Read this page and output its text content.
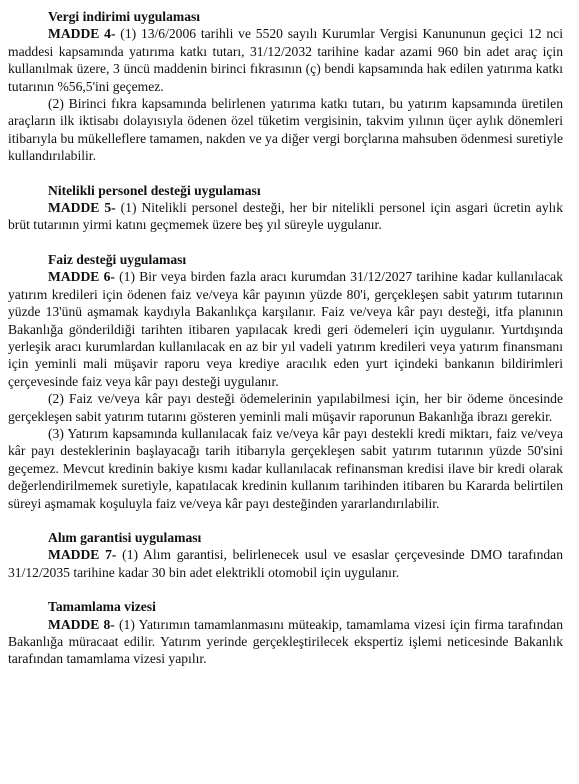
Vergi indirimi uygulaması

MADDE 4- (1) 13/6/2006 tarihli ve 5520 sayılı Kurumlar Vergisi Kanununun geçici 12 nci maddesi kapsamında yatırıma katkı tutarı, 31/12/2032 tarihine kadar azami 960 bin adet araç için kullanılmak üzere, 3 üncü maddenin birinci fıkrasının (ç) bendi kapsamında hak edilen yatırıma katkı tutarının %56,5'ini geçemez.

(2) Birinci fıkra kapsamında belirlenen yatırıma katkı tutarı, bu yatırım kapsamında üretilen araçların ilk iktisabı dolayısıyla ödenen özel tüketim vergisinin, takvim yılının üçer aylık dönemleri itibarıyla bu mükelleflere tamamen, nakden ve ya diğer vergi borçlarına mahsuben ödenmesi suretiyle kullandırılabilir.

Nitelikli personel desteği uygulaması

MADDE 5- (1) Nitelikli personel desteği, her bir nitelikli personel için asgari ücretin aylık brüt tutarının yirmi katını geçmemek üzere beş yıl süreyle uygulanır.

Faiz desteği uygulaması

MADDE 6- (1) Bir veya birden fazla aracı kurumdan 31/12/2027 tarihine kadar kullanılacak yatırım kredileri için ödenen faiz ve/veya kâr payının yüzde 80'i, gerçekleşen sabit yatırım tutarının yüzde 13'ünü aşmamak kaydıyla Bakanlıkça karşılanır. Faiz ve/veya kâr payı desteği, itfa planının Bakanlığa gönderildiği tarihten itibaren yapılacak kredi geri ödemeleri için uygulanır. Yurtdışında yerleşik aracı kurumlardan kullanılacak en az bir yıl vadeli yatırım kredileri veya yatırım finansmanı için yeminli mali müşavir raporu veya krediye aracılık eden yurt içindeki bankanın bildirimleri çerçevesinde faiz veya kâr payı desteği uygulanır.

(2) Faiz ve/veya kâr payı desteği ödemelerinin yapılabilmesi için, her bir ödeme öncesinde gerçekleşen sabit yatırım tutarını gösteren yeminli mali müşavir raporunun Bakanlığa ibrazı gerekir.

(3) Yatırım kapsamında kullanılacak faiz ve/veya kâr payı destekli kredi miktarı, faiz ve/veya kâr payı desteklerinin başlayacağı tarih itibarıyla gerçekleşen sabit yatırım tutarının yüzde 50'sini geçemez. Mevcut kredinin bakiye kısmı kadar kullanılacak refinansman kredisi ilave bir kredi olarak değerlendirilmemek suretiyle, kapatılacak kredinin kullanım tarihinden itibaren bu Kararda belirtilen süreyi aşmamak koşuluyla faiz ve/veya kâr payı desteğinden yararlandırılabilir.

Alım garantisi uygulaması

MADDE 7- (1) Alım garantisi, belirlenecek usul ve esaslar çerçevesinde DMO tarafından 31/12/2035 tarihine kadar 30 bin adet elektrikli otomobil için uygulanır.

Tamamlama vizesi

MADDE 8- (1) Yatırımın tamamlanmasını müteakip, tamamlama vizesi için firma tarafından Bakanlığa müracaat edilir. Yatırım yerinde gerçekleştirilecek ekspertiz işlemi neticesinde Bakanlık tarafından tamamlama vizesi yapılır.
